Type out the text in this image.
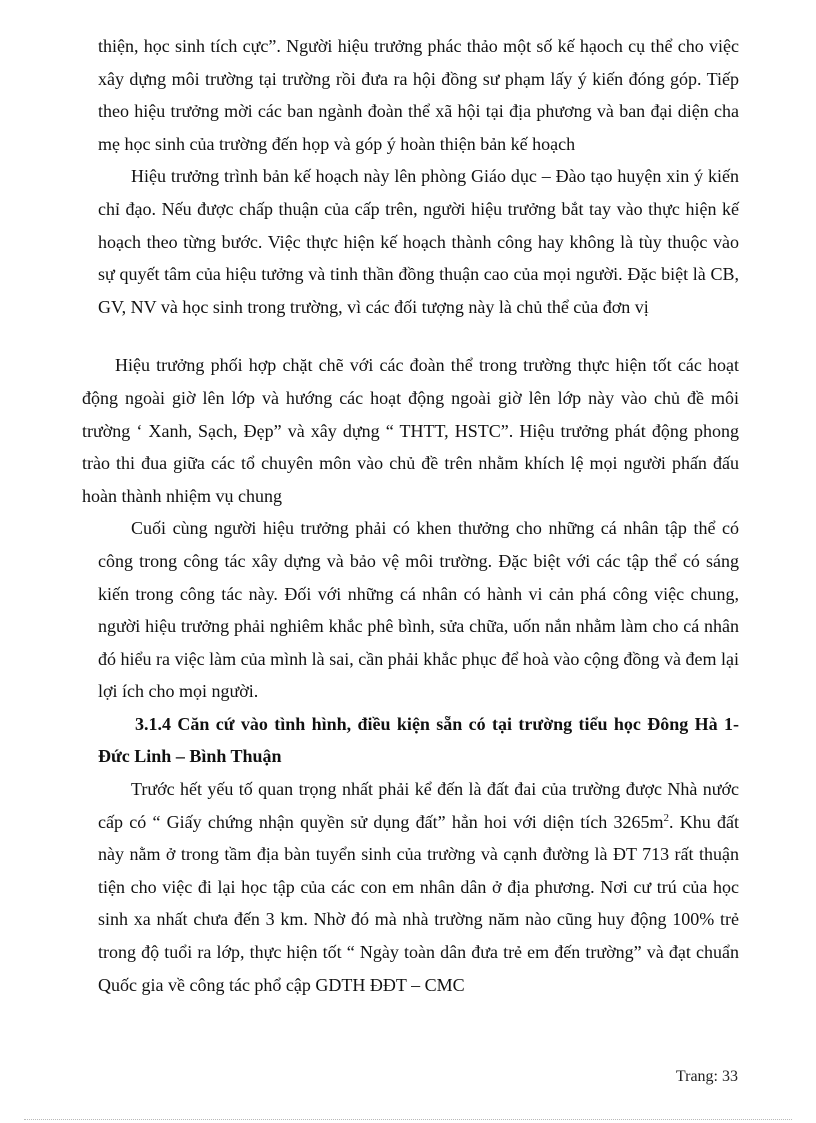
thiện, học sinh tích cực”. Người hiệu trưởng phác thảo một số kế hạoch cụ thể cho việc xây dựng môi trường tại trường rồi đưa ra hội đồng sư phạm lấy ý kiến đóng góp. Tiếp theo hiệu trưởng mời các ban ngành đoàn thể xã hội tại địa phương và ban đại diện cha mẹ học sinh của trường đến họp và góp ý hoàn thiện bản kế hoạch

Hiệu trưởng trình bản kế hoạch này lên phòng Giáo dục – Đào tạo huyện xin ý kiến chỉ đạo. Nếu được chấp thuận của cấp trên, người hiệu trưởng bắt tay vào thực hiện kế hoạch theo từng bước. Việc thực hiện kế hoạch thành công hay không là tùy thuộc vào sự quyết tâm của hiệu tưởng và tinh thần đồng thuận cao của mọi người. Đặc biệt là CB, GV, NV và học sinh trong trường, vì các đối tượng này là chủ thể của đơn vị

Hiệu trưởng phối hợp chặt chẽ với các đoàn thể trong trường thực hiện tốt các hoạt động ngoài giờ lên lớp và hướng các hoạt động ngoài giờ lên lớp này vào chủ đề môi trường ‘ Xanh, Sạch, Đẹp” và xây dựng “ THTT, HSTC”. Hiệu trưởng phát động phong trào thi đua giữa các tổ chuyên môn vào chủ đề trên nhằm khích lệ mọi người phấn đấu hoàn thành nhiệm vụ chung

Cuối cùng người hiệu trưởng phải có khen thưởng cho những cá nhân tập thể có công trong công tác xây dựng và bảo vệ môi trường. Đặc biệt với các tập thể có sáng kiến trong công tác này. Đối với những cá nhân có hành vi cản phá công việc chung, người hiệu trưởng phải nghiêm khắc phê bình, sửa chữa, uốn nắn nhằm làm cho cá nhân đó hiểu ra việc làm của mình là sai, cần phải khắc phục để hoà vào cộng đồng và đem lại lợi ích cho mọi người.

3.1.4 Căn cứ vào tình hình, điều kiện sẵn có tại trường tiểu học Đông Hà 1- Đức Linh – Bình Thuận

Trước hết yếu tố quan trọng nhất phải kể đến là đất đai của trường được Nhà nước cấp có “ Giấy chứng nhận quyền sử dụng đất” hẳn hoi với diện tích $3265m^2$. Khu đất này nằm ở trong tầm địa bàn tuyển sinh của trường và cạnh đường là ĐT 713 rất thuận tiện cho việc đi lại học tập của các con em nhân dân ở địa phương. Nơi cư trú của học sinh xa nhất chưa đến 3 km. Nhờ đó mà nhà trường năm nào cũng huy động 100% trẻ trong độ tuổi ra lớp, thực hiện tốt “ Ngày toàn dân đưa trẻ em đến trường” và đạt chuẩn Quốc gia về công tác phổ cập GDTH ĐĐT – CMC

Trang: 33
